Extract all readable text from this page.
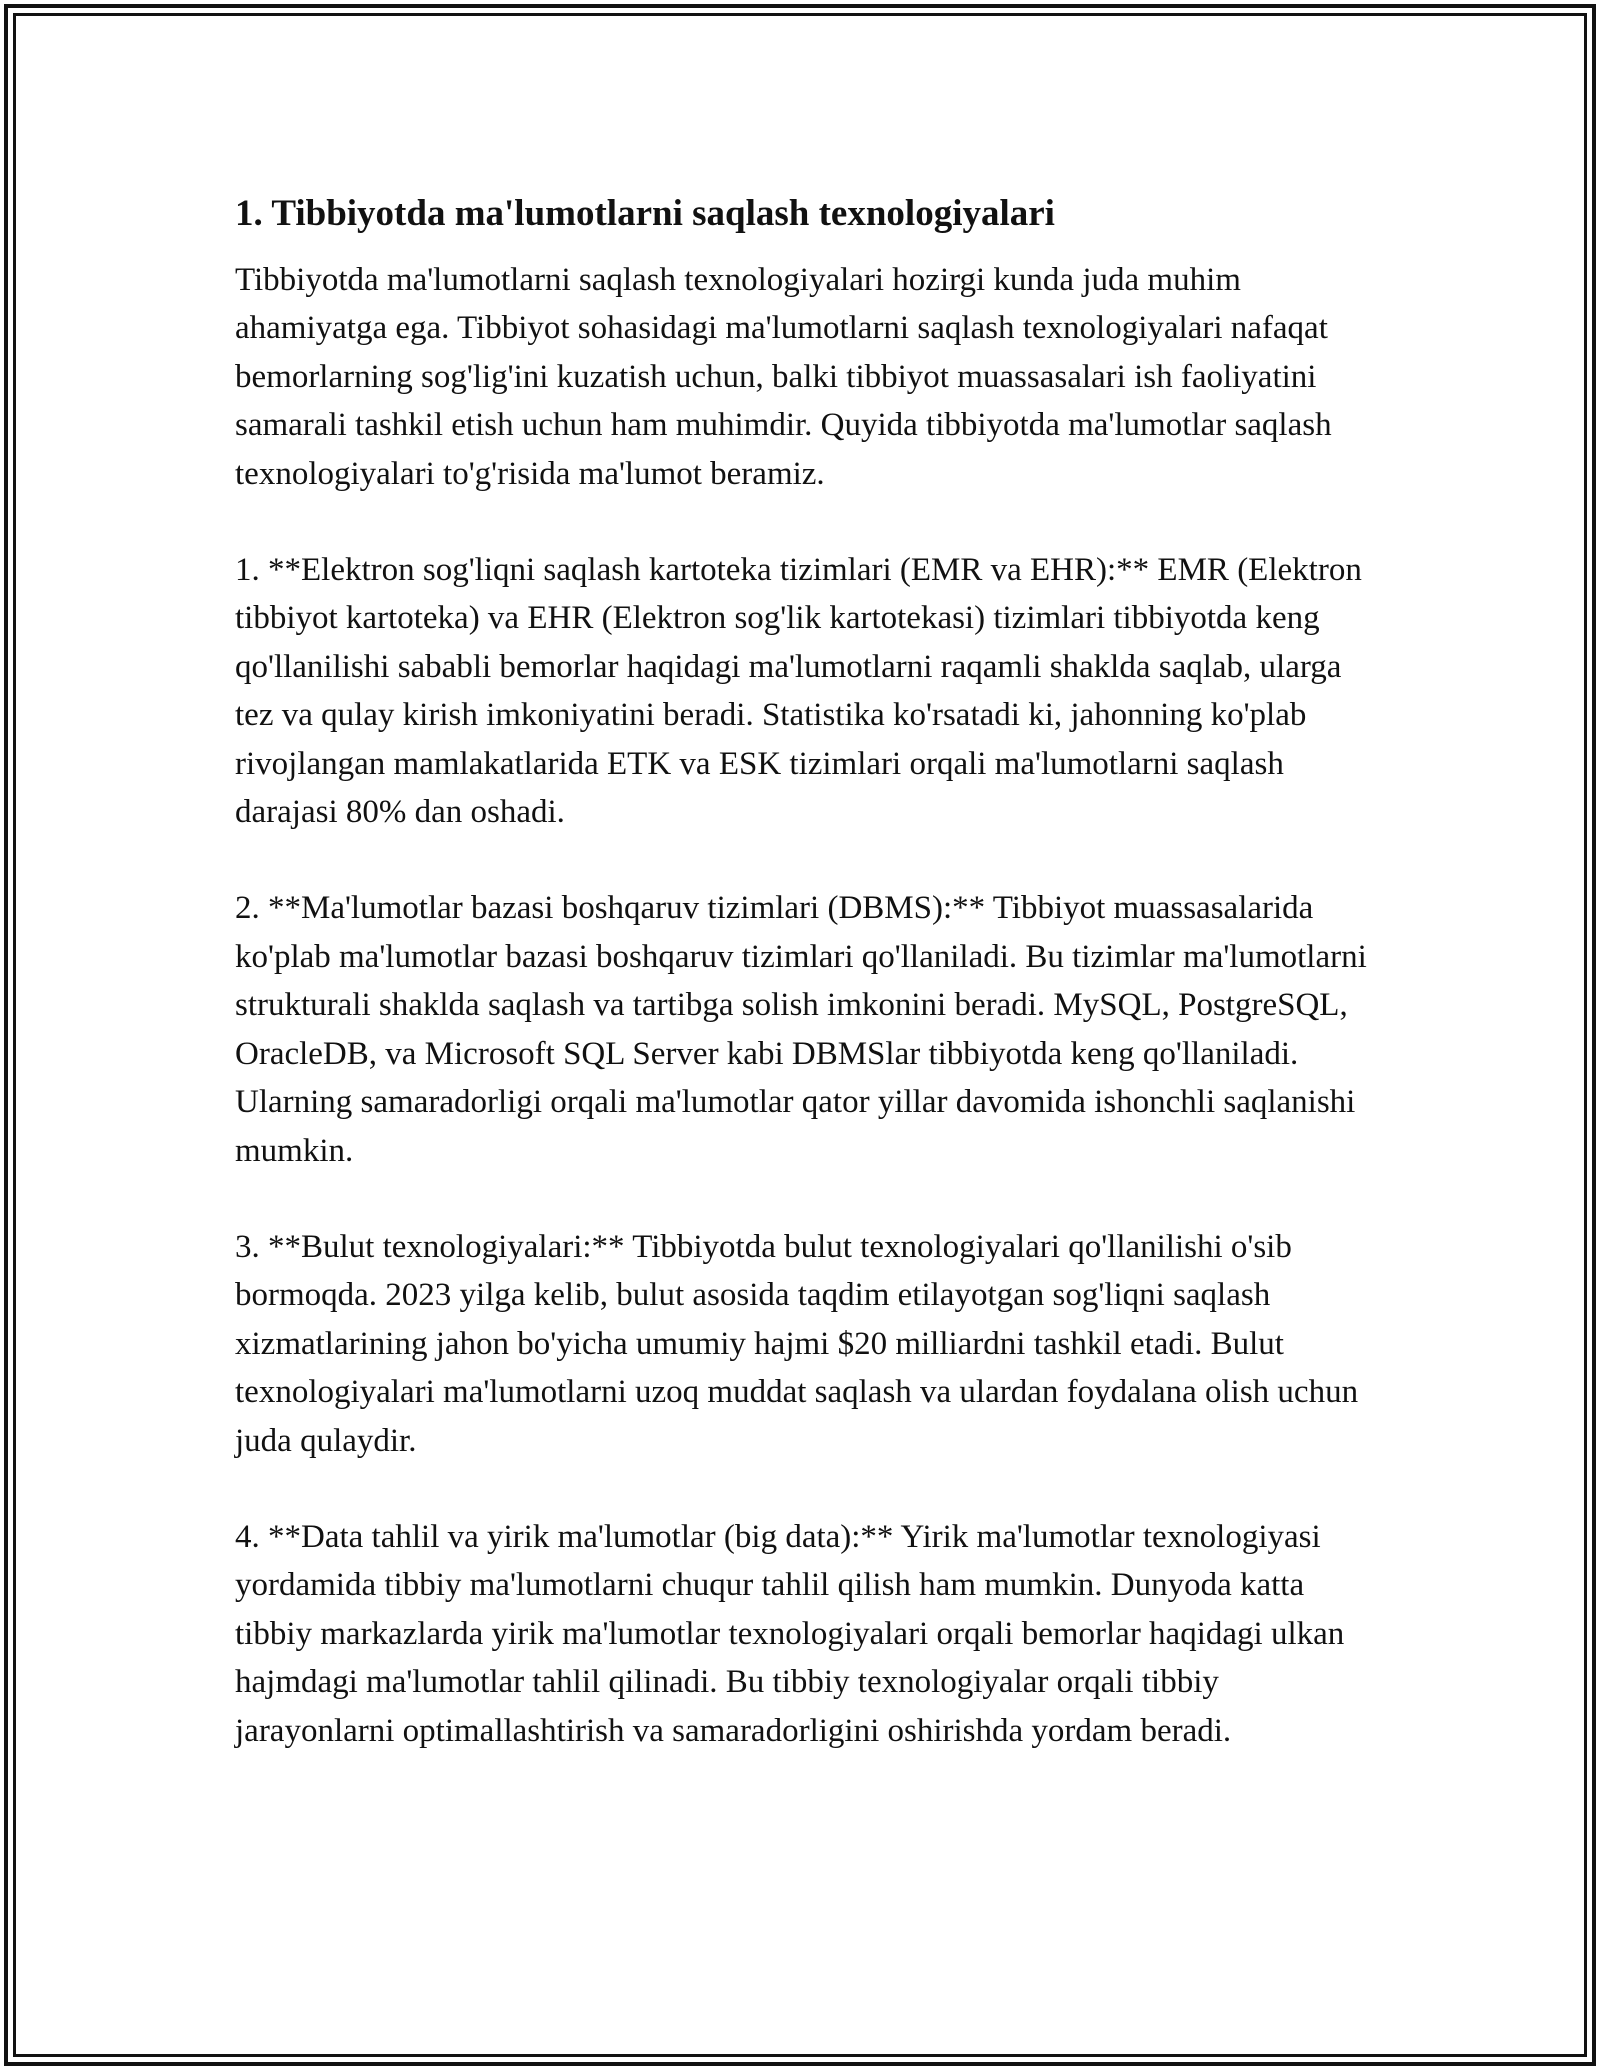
1. Tibbiyotda ma'lumotlarni saqlash texnologiyalari

Tibbiyotda ma'lumotlarni saqlash texnologiyalari hozirgi kunda juda muhim ahamiyatga ega. Tibbiyot sohasidagi ma'lumotlarni saqlash texnologiyalari nafaqat bemorlarning sog'lig'ini kuzatish uchun, balki tibbiyot muassasalari ish faoliyatini samarali tashkil etish uchun ham muhimdir. Quyida tibbiyotda ma'lumotlar saqlash texnologiyalari to'g'risida ma'lumot beramiz.

1. **Elektron sog'liqni saqlash kartoteka tizimlari (EMR va EHR):** EMR (Elektron tibbiyot kartoteka) va EHR (Elektron sog'lik kartotekasi) tizimlari tibbiyotda keng qo'llanilishi sababli bemorlar haqidagi ma'lumotlarni raqamli shaklda saqlab, ularga tez va qulay kirish imkoniyatini beradi. Statistika ko'rsatadi ki, jahonning ko'plab rivojlangan mamlakatlarida ETK va ESK tizimlari orqali ma'lumotlarni saqlash darajasi 80% dan oshadi.

2. **Ma'lumotlar bazasi boshqaruv tizimlari (DBMS):** Tibbiyot muassasalarida ko'plab ma'lumotlar bazasi boshqaruv tizimlari qo'llaniladi. Bu tizimlar ma'lumotlarni strukturali shaklda saqlash va tartibga solish imkonini beradi. MySQL, PostgreSQL, OracleDB, va Microsoft SQL Server kabi DBMSlar tibbiyotda keng qo'llaniladi. Ularning samaradorligi orqali ma'lumotlar qator yillar davomida ishonchli saqlanishi mumkin.

3. **Bulut texnologiyalari:** Tibbiyotda bulut texnologiyalari qo'llanilishi o'sib bormoqda. 2023 yilga kelib, bulut asosida taqdim etilayotgan sog'liqni saqlash xizmatlarining jahon bo'yicha umumiy hajmi $20 milliardni tashkil etadi. Bulut texnologiyalari ma'lumotlarni uzoq muddat saqlash va ulardan foydalana olish uchun juda qulaydir.

4. **Data tahlil va yirik ma'lumotlar (big data):** Yirik ma'lumotlar texnologiyasi yordamida tibbiy ma'lumotlarni chuqur tahlil qilish ham mumkin. Dunyoda katta tibbiy markazlarda yirik ma'lumotlar texnologiyalari orqali bemorlar haqidagi ulkan hajmdagi ma'lumotlar tahlil qilinadi. Bu tibbiy texnologiyalar orqali tibbiy jarayonlarni optimallashtirish va samaradorligini oshirishda yordam beradi.
